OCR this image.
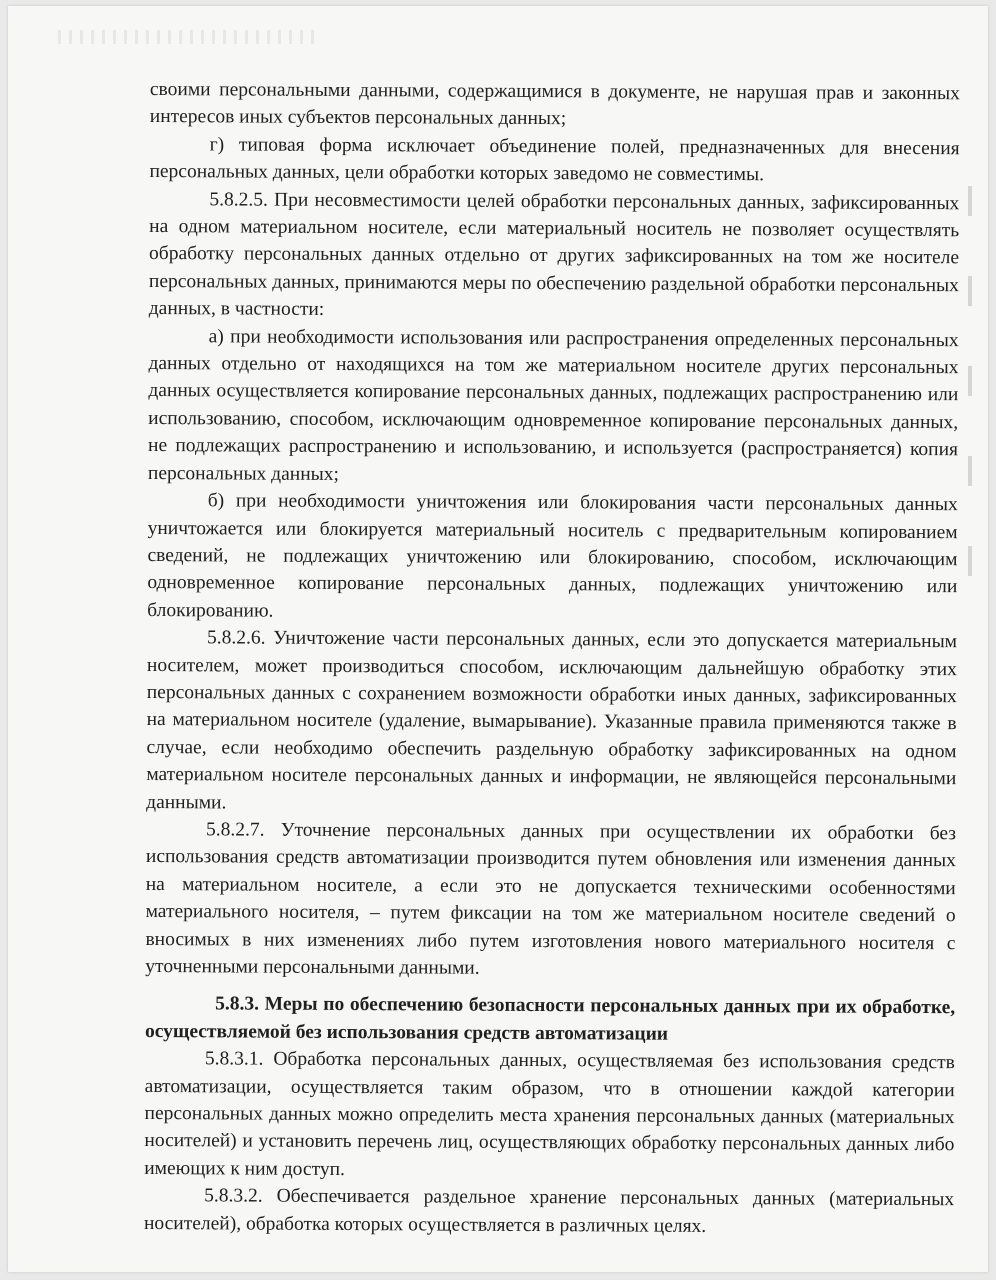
своими персональными данными, содержащимися в документе, не нарушая прав и законных интересов иных субъектов персональных данных;

г) типовая форма исключает объединение полей, предназначенных для внесения персональных данных, цели обработки которых заведомо не совместимы.

5.8.2.5. При несовместимости целей обработки персональных данных, зафиксированных на одном материальном носителе, если материальный носитель не позволяет осуществлять обработку персональных данных отдельно от других зафиксированных на том же носителе персональных данных, принимаются меры по обеспечению раздельной обработки персональных данных, в частности:

а) при необходимости использования или распространения определенных персональных данных отдельно от находящихся на том же материальном носителе других персональных данных осуществляется копирование персональных данных, подлежащих распространению или использованию, способом, исключающим одновременное копирование персональных данных, не подлежащих распространению и использованию, и используется (распространяется) копия персональных данных;

б) при необходимости уничтожения или блокирования части персональных данных уничтожается или блокируется материальный носитель с предварительным копированием сведений, не подлежащих уничтожению или блокированию, способом, исключающим одновременное копирование персональных данных, подлежащих уничтожению или блокированию.

5.8.2.6. Уничтожение части персональных данных, если это допускается материальным носителем, может производиться способом, исключающим дальнейшую обработку этих персональных данных с сохранением возможности обработки иных данных, зафиксированных на материальном носителе (удаление, вымарывание). Указанные правила применяются также в случае, если необходимо обеспечить раздельную обработку зафиксированных на одном материальном носителе персональных данных и информации, не являющейся персональными данными.

5.8.2.7. Уточнение персональных данных при осуществлении их обработки без использования средств автоматизации производится путем обновления или изменения данных на материальном носителе, а если это не допускается техническими особенностями материального носителя, – путем фиксации на том же материальном носителе сведений о вносимых в них изменениях либо путем изготовления нового материального носителя с уточненными персональными данными.

5.8.3. Меры по обеспечению безопасности персональных данных при их обработке, осуществляемой без использования средств автоматизации

5.8.3.1. Обработка персональных данных, осуществляемая без использования средств автоматизации, осуществляется таким образом, что в отношении каждой категории персональных данных можно определить места хранения персональных данных (материальных носителей) и установить перечень лиц, осуществляющих обработку персональных данных либо имеющих к ним доступ.

5.8.3.2. Обеспечивается раздельное хранение персональных данных (материальных носителей), обработка которых осуществляется в различных целях.
